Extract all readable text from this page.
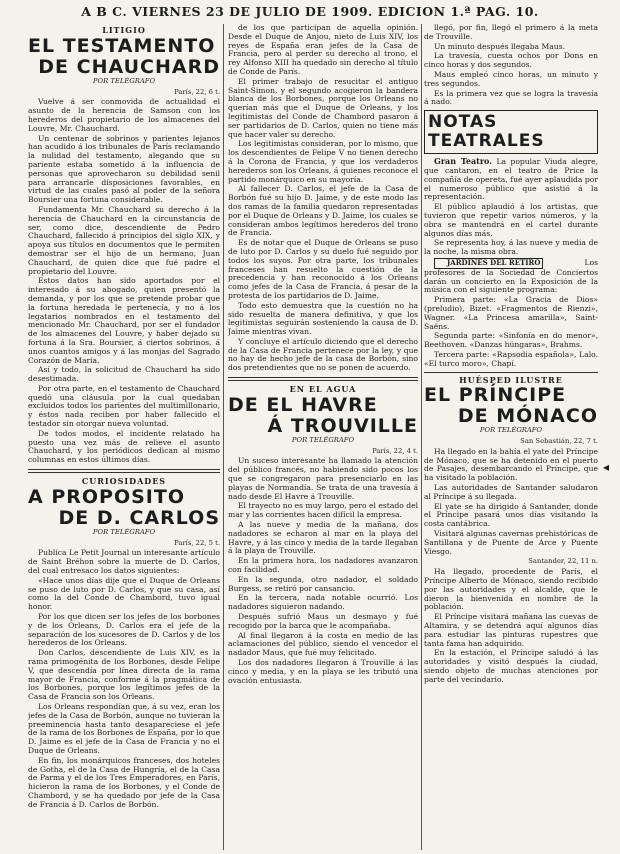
A B C. VIERNES 23 DE JULIO DE 1909. EDICION 1.ª PAG. 10.
LITIGIO
EL TESTAMENTO
DE CHAUCHARD
POR TELÉGRAFO
París, 22, 6 t.

Vuelve á ser conmovida de actualidad el asunto de la herencia de Samson con los herederos del propietario de los almacenes del Louvre, Mr. Chauchard.

Un centenar de sobrinos y parientes lejanos han acudido á los tribunales de París reclamando la nulidad del testamento, alegando que su pariente estaba sometido á la influencia de personas que aprovecharon su debilidad senil para arrancarle disposiciones favorables, en virtud de las cuales pasó al poder de la señora Boursier una fortuna considerable.

Fundamenta Mr. Chauchard su derecho á la herencia de Chauchard en la circunstancia de ser, como dice, descendiente de Pedro Chauchard, fallecido á principios del siglo XIX, y apoya sus títulos en documentos que le permiten demostrar ser el hijo de un hermano, Juan Chauchard, de quien dice que fué padre el propietario del Louvre.

Estos datos han sido aportados por el interesado á su abogado, quien presentó la demanda, y por los que se pretende probar que la fortuna heredada le pertenecía, y no á los legatarios nombrados en el testamento del mencionado Mr. Chauchard, por ser el fundador de los almacenes del Louvre, y haber dejado su fortuna á la Sra. Boursier, á ciertos sobrinos, á unos cuantos amigos y á las monjas del Sagrado Corazón de María.

Así y todo, la solicitud de Chauchard ha sido desestimada.

Por otra parte, en el testamento de Chauchard quedó una cláusula por la cual quedaban excluidos todos los parientes del multimillonario, y éstos nada reciben por haber fallecido el testador sin otorgar nueva voluntad.

De todos modos, el incidente relatado ha puesto una vez más de relieve el asunto Chauchard, y los periódicos dedican al mismo columnas en estos últimos días.

CURIOSIDADES
A PROPOSITO
DE D. CARLOS
POR TELÉGRAFO
París, 22, 5 t.

Publica Le Petit Journal un interesante artículo de Saint Bréhon sobre la muerte de D. Carlos, del cual entresaco los datos siguientes:

«Hace unos días dije que el Duque de Orleans se puso de luto por D. Carlos, y que su casa, así como la del Conde de Chambord, tuvo igual honor.

Por los que dicen ser los jefes de los borbones y de los Orleans, D. Carlos era el jefe de la separación de los sucesores de D. Carlos y de los herederos de los Orleans.

Don Carlos, descendiente de Luis XIV, es la rama primogénita de los Borbones, desde Felipe V, que descendía por línea directa de la rama mayor de Francia, conforme á la pragmática de los Borbones, porque los legítimos jefes de la Casa de Francia son los Orleans.

Los Orleans respondían que, á su vez, eran los jefes de la Casa de Borbón, aunque no tuvieran la preeminencia hasta tanto desapareciese el jefe de la rama de los Borbones de España, por lo que D. Jaime es el jefe de la Casa de Francia y no el Duque de Orleans.

En fin, los monárquicos franceses, dos hoteles de Gotha, el de la Casa de Hungría, el de la Casa de Parma y el de los Tres Emperadores, en París, hicieron la rama de los Borbones, y el Conde de Chambord, y se ha quedado por jefe de la Casa de Francia á D. Carlos de Borbón.

de los que participan de aquella opinión. Desde el Duque de Anjou, nieto de Luis XIV, los reyes de España eran jefes de la Casa de Francia, pero al perder su derecho al trono, el rey Alfonso XIII ha quedado sin derecho al título de Conde de París.

El primer trabajo de resucitar el antiguo Saint-Simon, y el segundo acogieron la bandera blanca de los Borbones, porque los Orleans no querían más que el Duque de Orleans, y los legitimistas del Conde de Chambord pasaron á ser partidarios de D. Carlos, quien no tiene más que hacer valer su derecho.

Los legitimistas consideran, por lo mismo, que los descendientes de Felipe V no tienen derecho á la Corona de Francia, y que los verdaderos herederos son los Orleans, á quienes reconoce el partido monárquico en su mayoría.

Al fallecer D. Carlos, el jefe de la Casa de Borbón fué su hijo D. Jaime, y de este modo las dos ramas de la familia quedaron representadas por el Duque de Orleans y D. Jaime, los cuales se consideran ambos legítimos herederos del trono de Francia.

Es de notar que el Duque de Orleans se puso de luto por D. Carlos y su duelo fué seguido por todos los suyos. Por otra parte, los tribunales franceses han resuelto la cuestión de la precedencia y han reconocido á los Orleans como jefes de la Casa de Francia, á pesar de la protesta de los partidarios de D. Jaime.

Todo esto demuestra que la cuestión no ha sido resuelta de manera definitiva, y que los legitimistas seguirán sosteniendo la causa de D. Jaime mientras vivan.

Y concluye el artículo diciendo que el derecho de la Casa de Francia pertenece por la ley, y que no hay de hecho jefe de la casa de Borbón, sino dos pretendientes que no se ponen de acuerdo.

EN EL AGUA
DE EL HAVRE
Á TROUVILLE
POR TELÉGRAFO
París, 22, 4 t.

Un suceso interesante ha llamado la atención del público francés, no habiendo sido pocos los que se congregaron para presenciarlo en las playas de Normandía. Se trata de una travesía á nado desde El Havre á Trouville.

El trayecto no es muy largo, pero el estado del mar y las corrientes hacen difícil la empresa.

A las nueve y media de la mañana, dos nadadores se echaron al mar en la playa del Havre, y á las cinco y media de la tarde llegaban á la playa de Trouville.

En la primera hora, los nadadores avanzaron con facilidad.

En la segunda, otro nadador, el soldado Burgess, se retiró por cansancio.

En la tercera, nada notable ocurrió. Los nadadores siguieron nadando.

Después sufrió Maus un desmayo y fué recogido por la barca que le acompañaba.

Al final llegaron á la costa en medio de las aclamaciones del público, siendo el vencedor el nadador Maus, que fué muy felicitado.

Los dos nadadores llegaron á Trouville á las cinco y media, y en la playa se les tributó una ovación entusiasta.

llegó, por fin, llegó el primero á la meta de Trouville.

Un minuto después llegaba Maus.

La travesía, cuesta ochos por Dons en cinco horas y dos segundos.

Maus empleó cinco horas, un minuto y tres segundos.

Es la primera vez que se logra la travesía á nado.

NOTAS TEATRALES

Gran Teatro. La popular Viuda alegre, que cantaron, en el teatro de Price la compañía de opereta, fué ayer aplaudida por el numeroso público que asistió á la representación.

El público aplaudió á los artistas, que tuvieron que repetir varios números, y la obra se mantendrá en el cartel durante algunos días más.

Se representa hoy, á las nueve y media de la noche, la misma obra.

JARDINES DEL RETIRO	Los profesores de la Sociedad de Conciertos darán un concierto en la Exposición de la música con el siguiente programa:

Primera parte: «La Gracia de Dios» (preludio), Bizet. «Fragmentos de Rienzi», Wagner. «La Princesa amarilla», Saint-Saëns.

Segunda parte: «Sinfonía en do menor», Beethoven. «Danzas húngaras», Brahms.

Tercera parte: «Rapsodia española», Lalo. «El turco moro», Chapí.

HUÉSPED ILUSTRE
EL PRÍNCIPE
DE MÓNACO
POR TELÉGRAFO
San Sebastián, 22, 7 t.

Ha llegado en la bahía el yate del Príncipe de Mónaco, que se ha detenido en el puerto de Pasajes, desembarcando el Príncipe, que ha visitado la población.

Las autoridades de Santander saludaron al Príncipe á su llegada.

El yate se ha dirigido á Santander, donde el Príncipe pasará unos días visitando la costa cantábrica.

Visitará algunas cavernas prehistóricas de Santillana y de Puente de Arce y Puente Viesgo.

Santander, 22, 11 n.

Ha llegado, procedente de París, el Príncipe Alberto de Mónaco, siendo recibido por las autoridades y el alcalde, que le dieron la bienvenida en nombre de la población.

El Príncipe visitará mañana las cuevas de Altamira, y se detendrá aquí algunos días para estudiar las pinturas rupestres que tanta fama han adquirido.

En la estación, el Príncipe saludó á las autoridades y visitó después la ciudad, siendo objeto de muchas atenciones por parte del vecindario.

◂
